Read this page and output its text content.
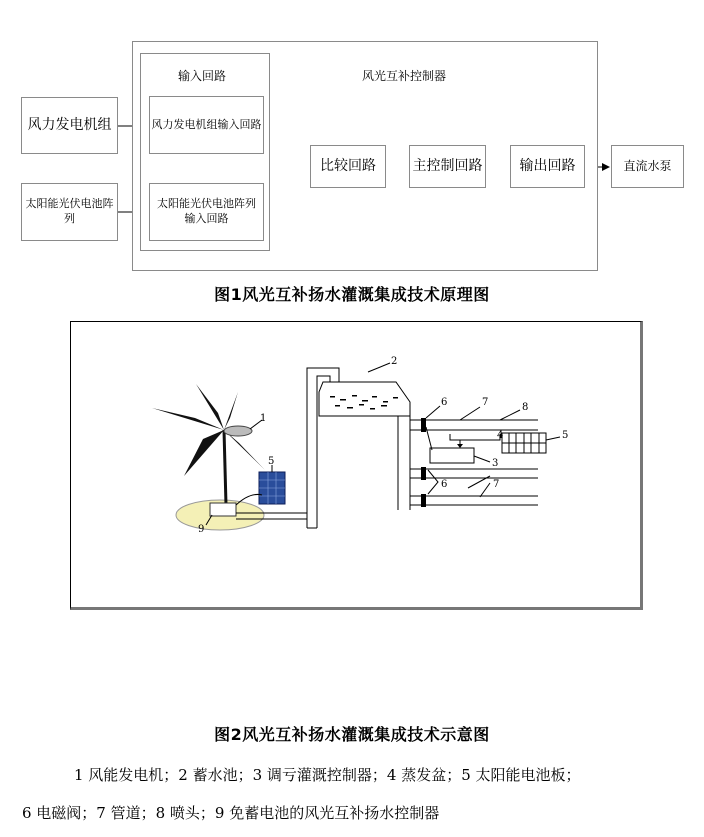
风光互补控制器
输入回路
风力发电机组
太阳能光伏电池阵列
风力发电机组输入回路
太阳能光伏电池阵列
输入回路
比较回路	主控制回路	输出回路	直流水泵
图1风光互补扬水灌溉集成技术原理图
1
2
3
4
5
5
6
6
7
7
8
9
图2风光互补扬水灌溉集成技术示意图
1 风能发电机；2 蓄水池；3 调亏灌溉控制器；4 蒸发盆；5 太阳能电池板；
6 电磁阀；7 管道；8 喷头；9 免蓄电池的风光互补扬水控制器
